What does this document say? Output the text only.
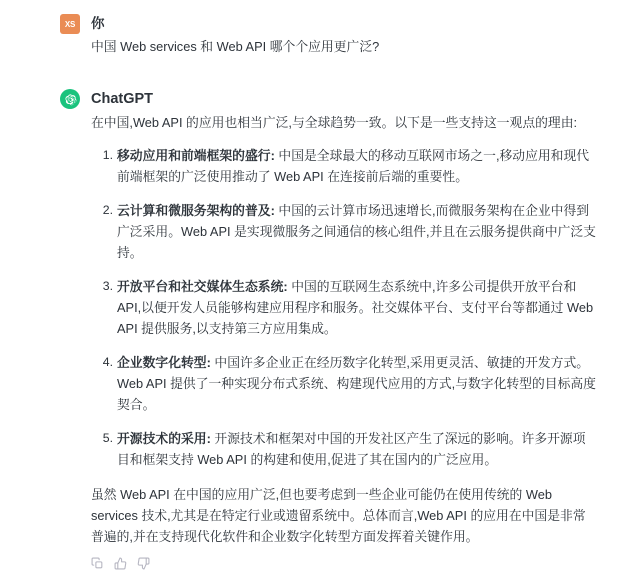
XS 你
中国 Web services 和 Web API 哪个个应用更广泛?
ChatGPT

在中国,Web API 的应用也相当广泛,与全球趋势一致。以下是一些支持这一观点的理由:

移动应用和前端框架的盛行: 中国是全球最大的移动互联网市场之一,移动应用和现代前端框架的广泛使用推动了 Web API 在连接前后端的重要性。
云计算和微服务架构的普及: 中国的云计算市场迅速增长,而微服务架构在企业中得到广泛采用。Web API 是实现微服务之间通信的核心组件,并且在云服务提供商中广泛支持。
开放平台和社交媒体生态系统: 中国的互联网生态系统中,许多公司提供开放平台和 API,以便开发人员能够构建应用程序和服务。社交媒体平台、支付平台等都通过 Web API 提供服务,以支持第三方应用集成。
企业数字化转型: 中国许多企业正在经历数字化转型,采用更灵活、敏捷的开发方式。Web API 提供了一种实现分布式系统、构建现代应用的方式,与数字化转型的目标高度契合。
开源技术的采用: 开源技术和框架对中国的开发社区产生了深远的影响。许多开源项目和框架支持 Web API 的构建和使用,促进了其在国内的广泛应用。

虽然 Web API 在中国的应用广泛,但也要考虑到一些企业可能仍在使用传统的 Web services 技术,尤其是在特定行业或遗留系统中。总体而言,Web API 的应用在中国是非常普遍的,并在支持现代化软件和企业数字化转型方面发挥着关键作用。
